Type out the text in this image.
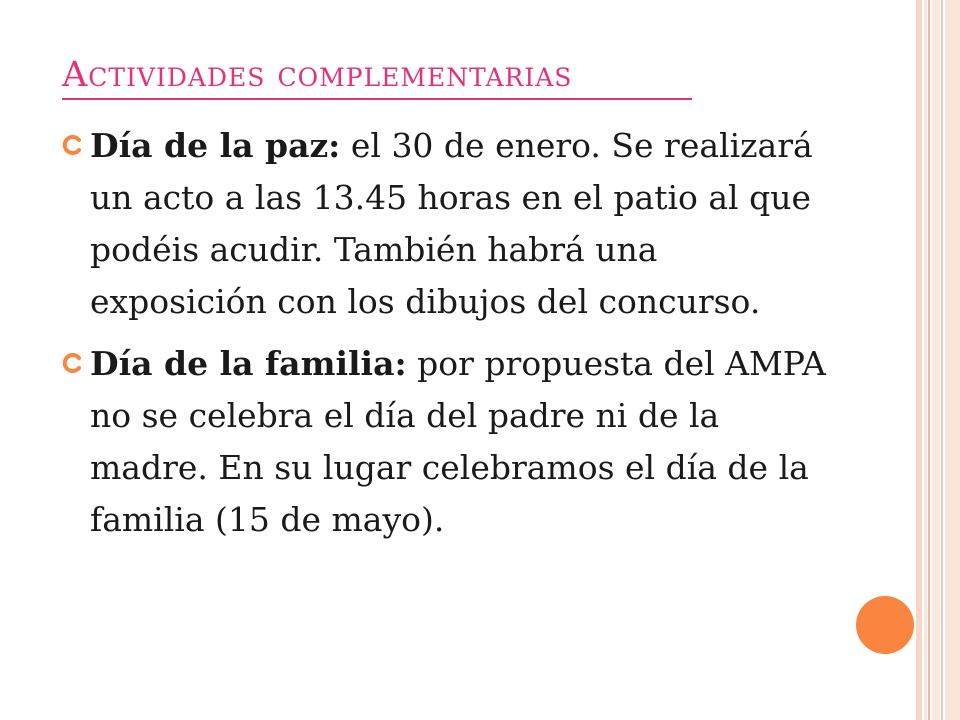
Actividades complementarias
Día de la paz: el 30 de enero. Se realizará un acto a las 13.45 horas en el patio al que podéis acudir. También habrá una exposición con los dibujos del concurso.
Día de la familia: por propuesta del AMPA no se celebra el día del padre ni de la madre. En su lugar celebramos el día de la familia (15 de mayo).
